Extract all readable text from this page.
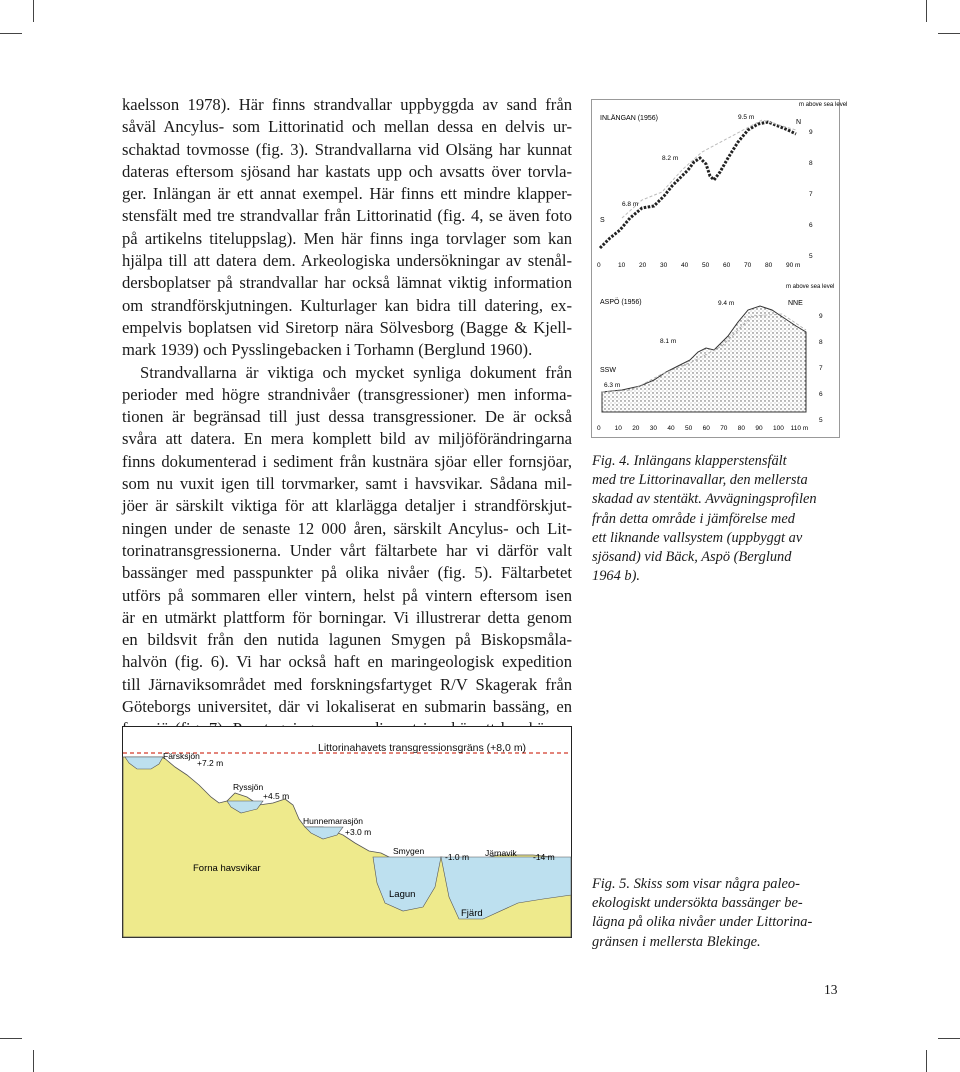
kaelsson 1978). Här finns strandvallar uppbyggda av sand från
såväl Ancylus- som Littorinatid och mellan dessa en delvis ur-
schaktad tovmosse (fig. 3). Strandvallarna vid Olsäng har kunnat
dateras eftersom sjösand har kastats upp och avsatts över torvla-
ger. Inlängan är ett annat exempel. Här finns ett mindre klapper-
stensfält med tre strandvallar från Littorinatid (fig. 4, se även foto
på artikelns titeluppslag). Men här finns inga torvlager som kan
hjälpa till att datera dem. Arkeologiska undersökningar av stenål-
dersboplatser på strandvallar har också lämnat viktig information
om strandförskjutningen. Kulturlager kan bidra till datering, ex-
empelvis boplatsen vid Siretorp nära Sölvesborg (Bagge & Kjell-
mark 1939) och Pysslingebacken i Torhamn (Berglund 1960).
Strandvallarna är viktiga och mycket synliga dokument från
perioder med högre strandnivåer (transgressioner) men informa-
tionen är begränsad till just dessa transgressioner. De är också
svåra att datera. En mera komplett bild av miljöförändringarna
finns dokumenterad i sediment från kustnära sjöar eller fornsjöar,
som nu vuxit igen till torvmarker, samt i havsvikar. Sådana mil-
jöer är särskilt viktiga för att klarlägga detaljer i strandförskjut-
ningen under de senaste 12 000 åren, särskilt Ancylus- och Lit-
torinatransgressionerna. Under vårt fältarbete har vi därför valt
bassänger med passpunkter på olika nivåer (fig. 5). Fältarbetet
utförs på sommaren eller vintern, helst på vintern eftersom isen
är en utmärkt plattform för borningar. Vi illustrerar detta genom
en bildsvit från den nutida lagunen Smygen på Biskopsmåla-
halvön (fig. 6). Vi har också haft en maringeologisk expedition
till Järnaviksområdet med forskningsfartyget R/V Skagerak från
Göteborgs universitet, där vi lokaliserat en submarin bassäng, en
INLÄNGAN (1956)
m above sea level
S
N
6.8 m
8.2 m
9.5 m
9
8
7
6
5
0	10 20 30 40 50 60 70 80 90 m
ASPÖ (1956)
m above sea level
SSW
NNE
6.3 m
8.1 m
9.4 m
9
8
7
6
5
0 10 20 30 40 50 60 70 80 90 100 110 m
Fig. 4. Inlängans klapperstensfält
med tre Littorinavallar, den mellersta
skadad av stentäkt. Avvägningsprofilen
från detta område i jämförelse med
ett liknande vallsystem (uppbyggt av
sjösand) vid Bäck, Aspö (Berglund
1964 b).
Littorinahavets transgressionsgräns (+8,0 m)
Färsksjön
+7.2 m
Ryssjön
+4.5 m
Hunnemarasjön
+3.0 m
Smygen
-1.0 m Järnavik -14 m
Forna havsvikar
Lagun
Fjärd
Fig. 5. Skiss som visar några paleo-
ekologiskt undersökta bassänger be-
lägna på olika nivåer under Littorina-
gränsen i mellersta Blekinge.
13
